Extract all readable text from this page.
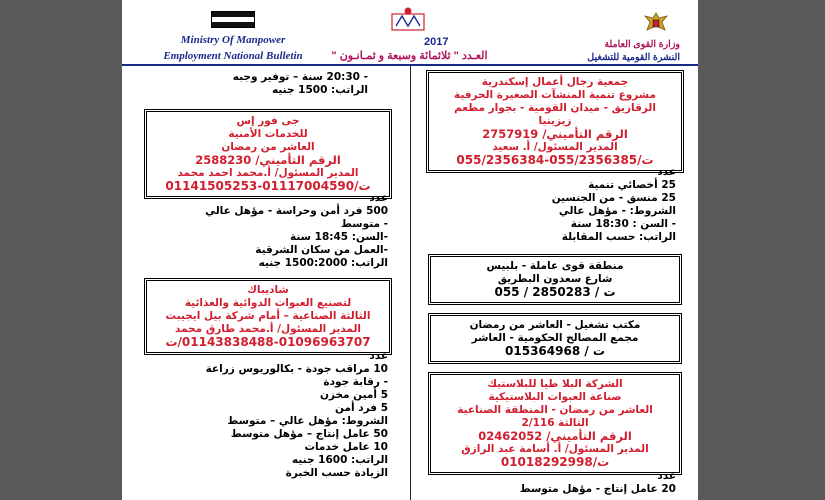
Ministry Of Manpower
Employment National Bulletin
2017
العـدد " ثلاثمائة وسبعة و ثمـانـون "
وزارة القوى العاملة
النشرة القومية للتشغيل
- 20:30 سنة – توفير وجبه
الراتب: 1500 جنيه
جى فور إس
للخدمات الأمنية
العاشر من رمضان
الرقم التأميني/ 2588230
المدير المسئول/ أ.محمد احمد محمد
ت/01117004590-01141505253
عدد
500 فرد أمن وحراسة - مؤهل عالي
- متوسط
-السن: 18:45 سنة
-العمل من سكان الشرقية
الراتب: 1500:2000 جنيه
شاديباك
لتصنيع العبوات الدوائية والغذائية
الثالثة الصناعية – أمام شركة بيل ايجيبت
المدير المسئول/ أ.محمد طارق محمد
01143838488-01096963707/ت
عدد
10 مراقب جودة - بكالوريوس زراعة
- رقابة جودة
5 أمين مخزن
5 فرد أمن
الشروط: مؤهل عالي – متوسط
50 عامل إنتاج – مؤهل متوسط
10 عامل خدمات
الراتب: 1600 جنيه
الزيادة حسب الخبرة
جمعية رجال أعمال إسكندرية
مشروع تنمية المنشآت الصغيرة الحرفية
الزقازيق - ميدان القومية - بجوار مطعم
زيزينيا
الرقم التأميني/ 2757919
المدير المسئول/ أ. سعيد
ت/055/2356385-055/2356384
عدد
25 أخصائي تنمية
25 منسق - من الجنسين
الشروط: - مؤهل عالي
- السن : 18:30 سنة
الراتب: حسب المقابلة
منطقة قوى عاملة - بلبيس
شارع سعدون البطريق
ت / 2850283 / 055
مكتب تشغيل - العاشر من رمضان
مجمع المصالح الحكومية - العاشر
ت / 015364968
الشركة البلا طيا للبلاستيك
صناعة العبوات البلاستيكية
العاشر من رمضان - المنطقة الصناعية
الثالثة 2/116
الرقم التأميني/ 02462052
المدير المسئول/ أ. أسامة عبد الرازق
ت/01018292998
عدد
20 عامل إنتاج - مؤهل متوسط
